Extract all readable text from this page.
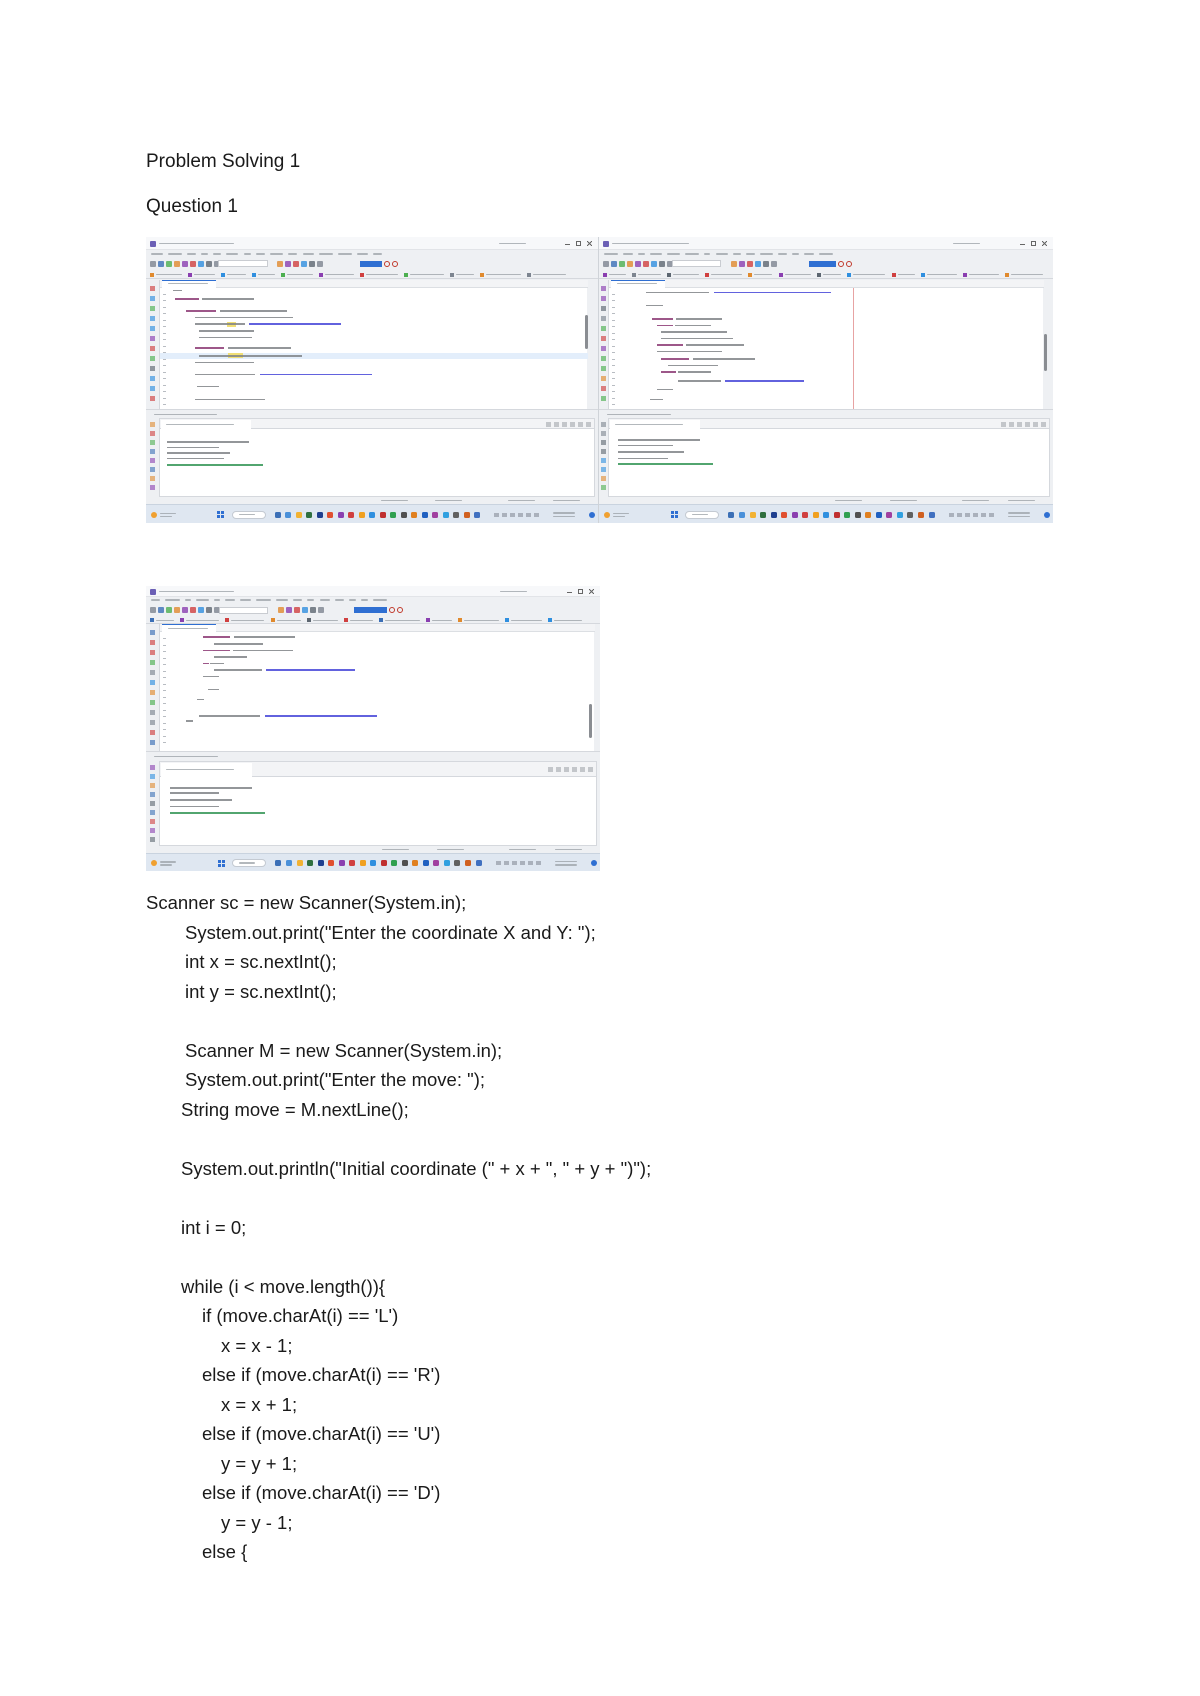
Problem Solving 1
Question 1
Scanner sc = new Scanner(System.in);
System.out.print("Enter the coordinate X and Y: ");
int x = sc.nextInt();
int y = sc.nextInt();
Scanner M = new Scanner(System.in);
System.out.print("Enter the move: ");
String move = M.nextLine();
System.out.println("Initial coordinate (" + x + ", " + y + ")");
int i = 0;
while (i < move.length()){
if (move.charAt(i) == 'L')
x = x - 1;
else if (move.charAt(i) == 'R')
x = x + 1;
else if (move.charAt(i) == 'U')
y = y + 1;
else if (move.charAt(i) == 'D')
y = y - 1;
else {
